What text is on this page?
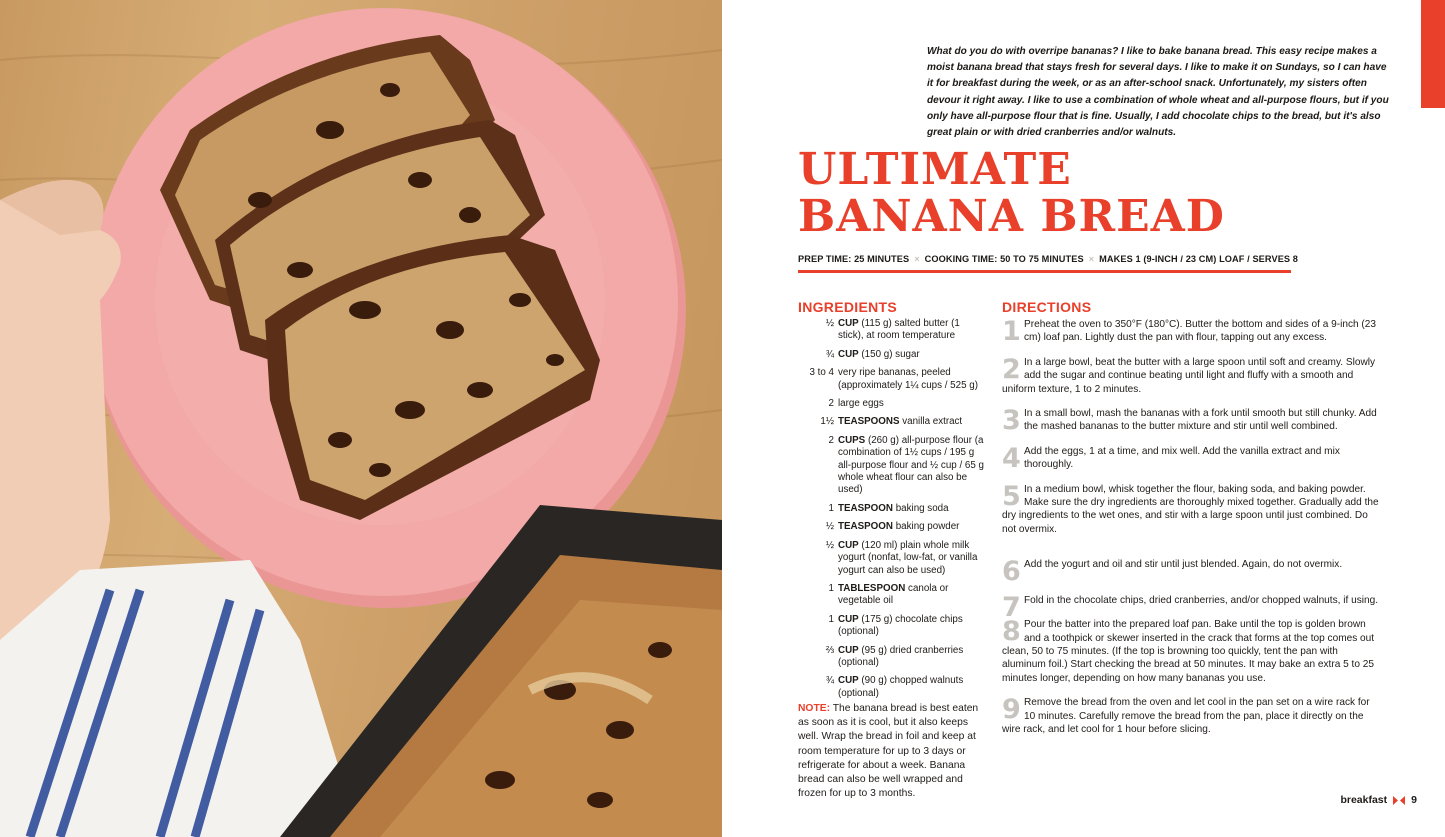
What do you do with overripe bananas? I like to bake banana bread. This easy recipe makes a moist banana bread that stays fresh for several days. I like to make it on Sundays, so I can have it for breakfast during the week, or as an after-school snack. Unfortunately, my sisters often devour it right away. I like to use a combination of whole wheat and all-purpose flours, but if you only have all-purpose flour that is fine. Usually, I add chocolate chips to the bread, but it's also great plain or with dried cranberries and/or walnuts.

ULTIMATE
BANANA BREAD
PREP TIME: 25 MINUTES × COOKING TIME: 50 TO 75 MINUTES × MAKES 1 (9-INCH / 23 CM) LOAF / SERVES 8
INGREDIENTS
½ CUP (115 g) salted butter (1 stick), at room temperature
¾ CUP (150 g) sugar
3 to 4 very ripe bananas, peeled (approximately 1¼ cups / 525 g)
2 large eggs
1½ TEASPOONS vanilla extract
2 CUPS (260 g) all-purpose flour (a combination of 1½ cups / 195 g all-purpose flour and ½ cup / 65 g whole wheat flour can also be used)
1 TEASPOON baking soda
½ TEASPOON baking powder
½ CUP (120 ml) plain whole milk yogurt (nonfat, low-fat, or vanilla yogurt can also be used)
1 TABLESPOON canola or vegetable oil
1 CUP (175 g) chocolate chips (optional)
⅔ CUP (95 g) dried cranberries (optional)
¾ CUP (90 g) chopped walnuts (optional)

NOTE: The banana bread is best eaten as soon as it is cool, but it also keeps well. Wrap the bread in foil and keep at room temperature for up to 3 days or refrigerate for about a week. Banana bread can also be well wrapped and frozen for up to 3 months.

DIRECTIONS
1 Preheat the oven to 350°F (180°C). Butter the bottom and sides of a 9-inch (23 cm) loaf pan. Lightly dust the pan with flour, tapping out any excess.
2 In a large bowl, beat the butter with a large spoon until soft and creamy. Slowly add the sugar and continue beating until light and fluffy with a smooth and uniform texture, 1 to 2 minutes.
3 In a small bowl, mash the bananas with a fork until smooth but still chunky. Add the mashed bananas to the butter mixture and stir until well combined.
4 Add the eggs, 1 at a time, and mix well. Add the vanilla extract and mix thoroughly.
5 In a medium bowl, whisk together the flour, baking soda, and baking powder. Make sure the dry ingredients are thoroughly mixed together. Gradually add the dry ingredients to the wet ones, and stir with a large spoon until just combined. Do not overmix.
6 Add the yogurt and oil and stir until just blended. Again, do not overmix.
7 Fold in the chocolate chips, dried cranberries, and/or chopped walnuts, if using.
8 Pour the batter into the prepared loaf pan. Bake until the top is golden brown and a toothpick or skewer inserted in the crack that forms at the top comes out clean, 50 to 75 minutes. (If the top is browning too quickly, tent the pan with aluminum foil.) Start checking the bread at 50 minutes. It may bake an extra 5 to 25 minutes longer, depending on how many bananas you use.
9 Remove the bread from the oven and let cool in the pan set on a wire rack for 10 minutes. Carefully remove the bread from the pan, place it directly on the wire rack, and let cool for 1 hour before slicing.
breakfast 9
